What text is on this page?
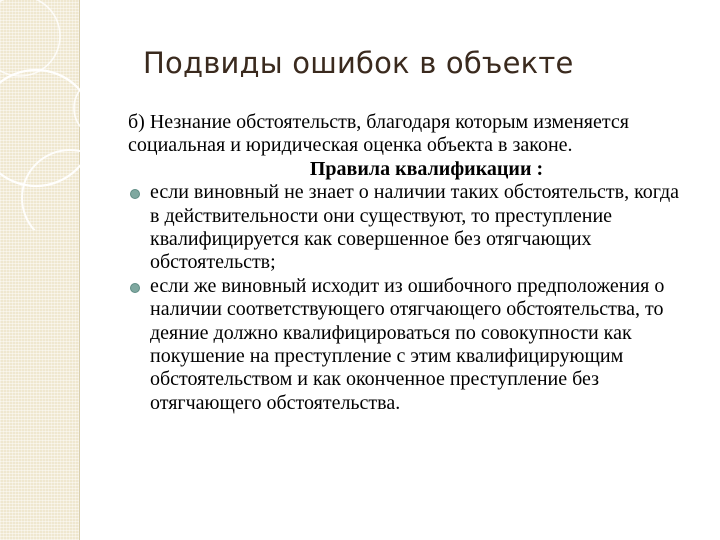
Подвиды ошибок в объекте

б) Незнание обстоятельств, благодаря которым изменяется социальная и юридическая оценка объекта в законе.

Правила квалификации :

если виновный не знает о наличии таких обстоятельств, когда в действительности они существуют, то преступление квалифицируется как совершенное без отягчающих обстоятельств;
если же виновный исходит из ошибочного предположения о наличии соответствующего отягчающего обстоятельства, то деяние должно квалифицироваться по совокупности как покушение на преступление с этим квалифицирующим обстоятельством и как оконченное преступление без отягчающего обстоятельства.
